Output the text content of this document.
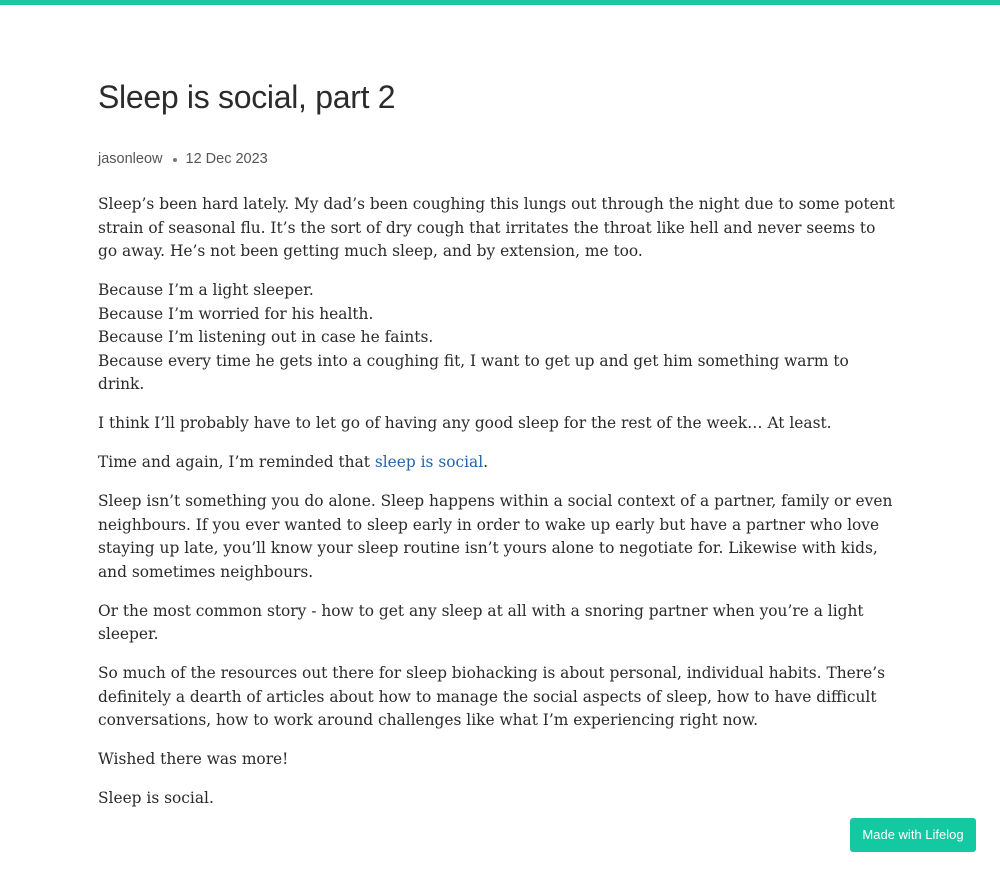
Sleep is social, part 2
jasonleow 12 Dec 2023

Sleep’s been hard lately. My dad’s been coughing this lungs out through the night due to some potent strain of seasonal flu. It’s the sort of dry cough that irritates the throat like hell and never seems to go away. He’s not been getting much sleep, and by extension, me too.

Because I’m a light sleeper.
Because I’m worried for his health.
Because I’m listening out in case he faints.
Because every time he gets into a coughing fit, I want to get up and get him something warm to drink.

I think I’ll probably have to let go of having any good sleep for the rest of the week… At least.

Time and again, I’m reminded that sleep is social.

Sleep isn’t something you do alone. Sleep happens within a social context of a partner, family or even neighbours. If you ever wanted to sleep early in order to wake up early but have a partner who love staying up late, you’ll know your sleep routine isn’t yours alone to negotiate for. Likewise with kids, and sometimes neighbours.

Or the most common story - how to get any sleep at all with a snoring partner when you’re a light sleeper.

So much of the resources out there for sleep biohacking is about personal, individual habits. There’s definitely a dearth of articles about how to manage the social aspects of sleep, how to have difficult conversations, how to work around challenges like what I’m experiencing right now.

Wished there was more!

Sleep is social.

Made with Lifelog
